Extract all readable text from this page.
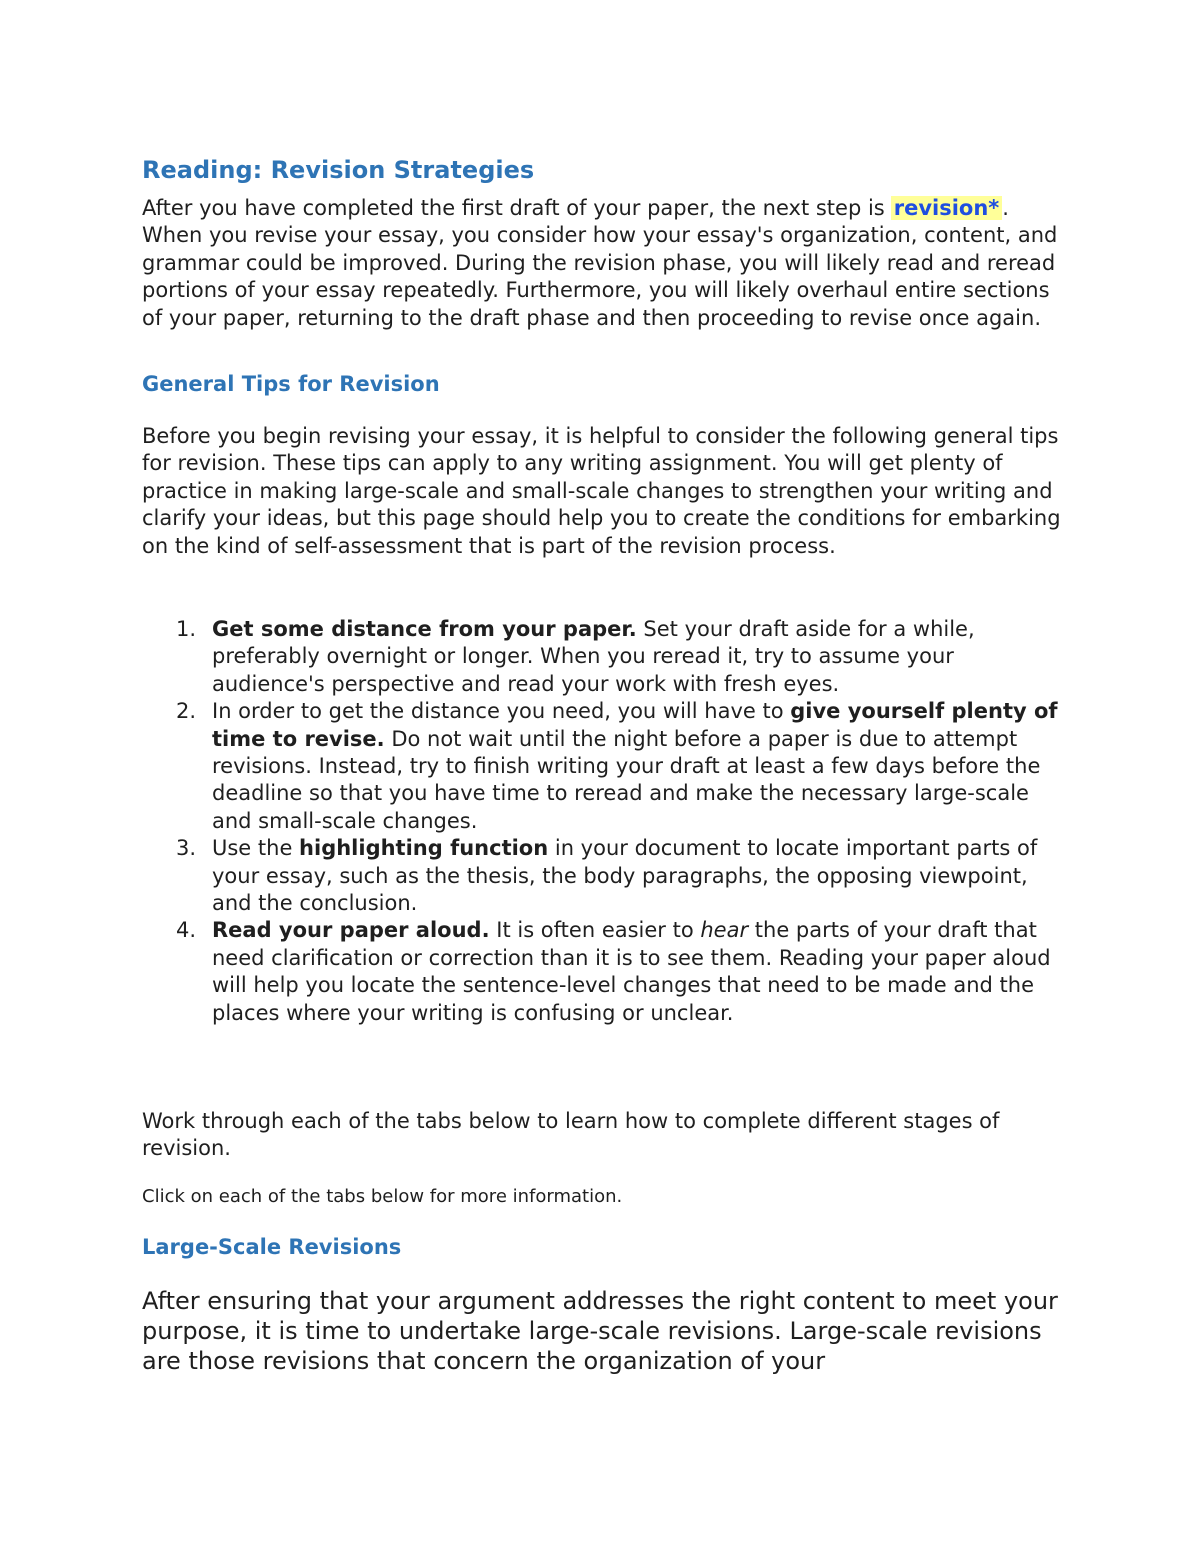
Reading: Revision Strategies

After you have completed the first draft of your paper, the next step is revision* . When you revise your essay, you consider how your essay's organization, content, and grammar could be improved. During the revision phase, you will likely read and reread portions of your essay repeatedly. Furthermore, you will likely overhaul entire sections of your paper, returning to the draft phase and then proceeding to revise once again.

General Tips for Revision

Before you begin revising your essay, it is helpful to consider the following general tips for revision. These tips can apply to any writing assignment. You will get plenty of practice in making large-scale and small-scale changes to strengthen your writing and clarify your ideas, but this page should help you to create the conditions for embarking on the kind of self-assessment that is part of the revision process.

1. Get some distance from your paper. Set your draft aside for a while, preferably overnight or longer. When you reread it, try to assume your audience's perspective and read your work with fresh eyes.
2. In order to get the distance you need, you will have to give yourself plenty of time to revise. Do not wait until the night before a paper is due to attempt revisions. Instead, try to finish writing your draft at least a few days before the deadline so that you have time to reread and make the necessary large-scale and small-scale changes.
3. Use the highlighting function in your document to locate important parts of your essay, such as the thesis, the body paragraphs, the opposing viewpoint, and the conclusion.
4. Read your paper aloud. It is often easier to hear the parts of your draft that need clarification or correction than it is to see them. Reading your paper aloud will help you locate the sentence-level changes that need to be made and the places where your writing is confusing or unclear.

Work through each of the tabs below to learn how to complete different stages of revision.

Click on each of the tabs below for more information.
Large-Scale Revisions

After ensuring that your argument addresses the right content to meet your purpose, it is time to undertake large-scale revisions. Large-scale revisions are those revisions that concern the organization of your
